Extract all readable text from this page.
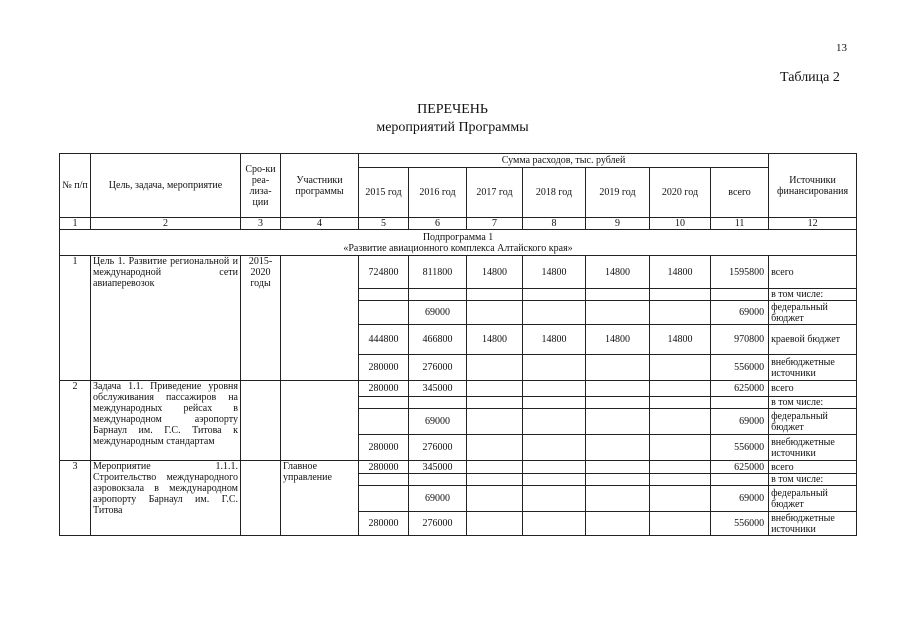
13
Таблица 2
ПЕРЕЧЕНЬ
мероприятий Программы
№ п/п	Цель, задача, мероприятие	Сро-ки реа-лиза-ции	Участники программы	Сумма расходов, тыс. рублей							Источники финансирования
				2015 год	2016 год	2017 год	2018 год	2019 год	2020 год	всего	
1	2	3	4	5	6	7	8	9	10	11	12

Подпрограмма 1
«Развитие авиационного комплекса Алтайского края»											

1	Цель 1. Развитие региональной и международной сети авиаперевозок	2015-2020 годы		724800	811800	14800	14800	14800	14800	1595800	всего
											в том числе:
					69000					69000	федеральный бюджет
				444800	466800	14800	14800	14800	14800	970800	краевой бюджет
				280000	276000					556000	внебюджетные источники
2	Задача 1.1. Приведение уровня обслуживания пассажиров на международных рейсах в международном аэропорту Барнаул им. Г.С. Титова к международным стандартам			280000	345000					625000	всего
											в том числе:
					69000					69000	федеральный бюджет
				280000	276000					556000	внебюджетные источники
3	Мероприятие 1.1.1. Строительство международного аэровокзала в международном аэропорту Барнаул им. Г.С. Титова		Главное управление	280000	345000					625000	всего
											в том числе:
					69000					69000	федеральный бюджет
				280000	276000					556000	внебюджетные источники
